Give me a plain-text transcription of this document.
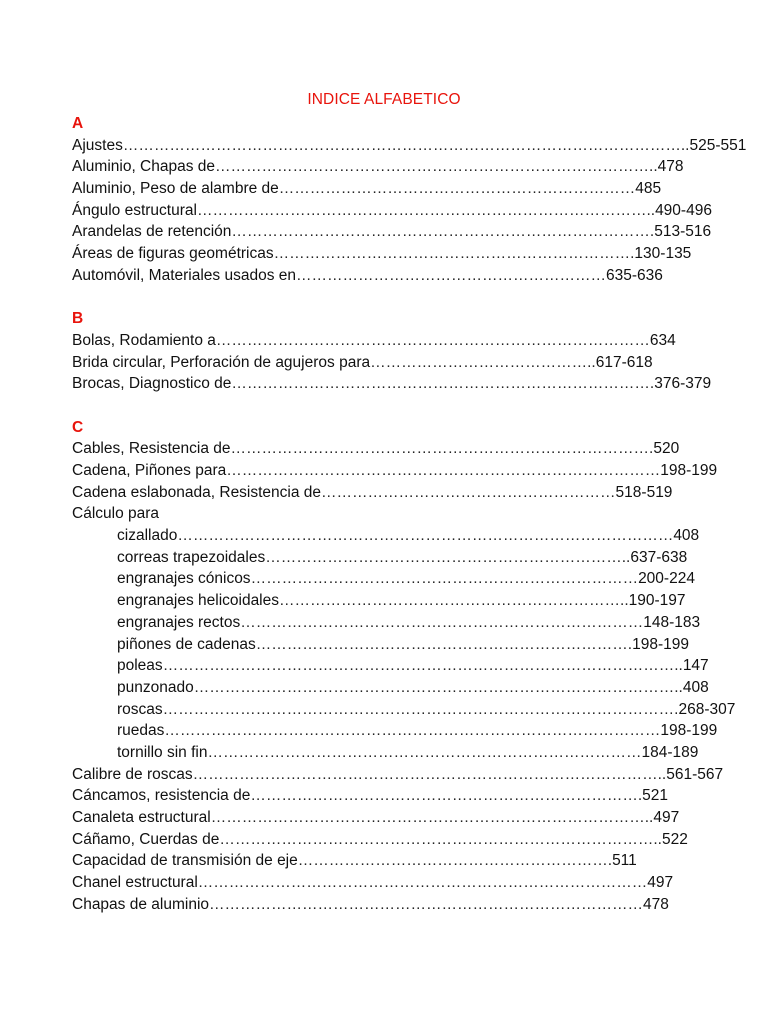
INDICE ALFABETICO
A
Ajustes………………………………………………………………………………………………..525-551
Aluminio, Chapas de…………………………………………………………………………..478
Aluminio, Peso de alambre de……………………………………………………………485
Ángulo estructural……………………………………………………………………………..490-496
Arandelas de retención……………………………………………………………………….513-516
Áreas de figuras geométricas…………………………………………………………….130-135
Automóvil, Materiales usados en……………………………………………………635-636
B
Bolas, Rodamiento a…………………………………………………………………………634
Brida circular, Perforación de agujeros para……………………………………..617-618
Brocas, Diagnostico de……………………………………………………………………….376-379
C
Cables, Resistencia de……………………………………………………………………….520
Cadena, Piñones para…………………………………………………………………………198-199
Cadena eslabonada, Resistencia de…………………………………………………518-519
Cálculo para
cizallado……………………………………………………………………………………408
correas trapezoidales……………………………………………………………..637-638
engranajes cónicos…………………………………………………………………200-224
engranajes helicoidales…………………………………………………………..190-197
engranajes rectos……………………………………………………………………148-183
piñones de cadenas……………………………………………………………….198-199
poleas………………………………………………………………………………………..147
punzonado…………………………………………………………………………………..408
roscas……………………………………………………………………………………….268-307
ruedas……………………………………………………………………………………198-199
tornillo sin fin…………………………………………………………………………184-189
Calibre de roscas………………………………………………………………………………..561-567
Cáncamos, resistencia de………………………………………………………………….521
Canaleta estructural…………………………………………………………………………..497
Cáñamo, Cuerdas de…………………………………………………………………………..522
Capacidad de transmisión de eje…………………………………………………….511
Chanel estructural……………………………………………………………………………497
Chapas de aluminio…………………………………………………………………………478
